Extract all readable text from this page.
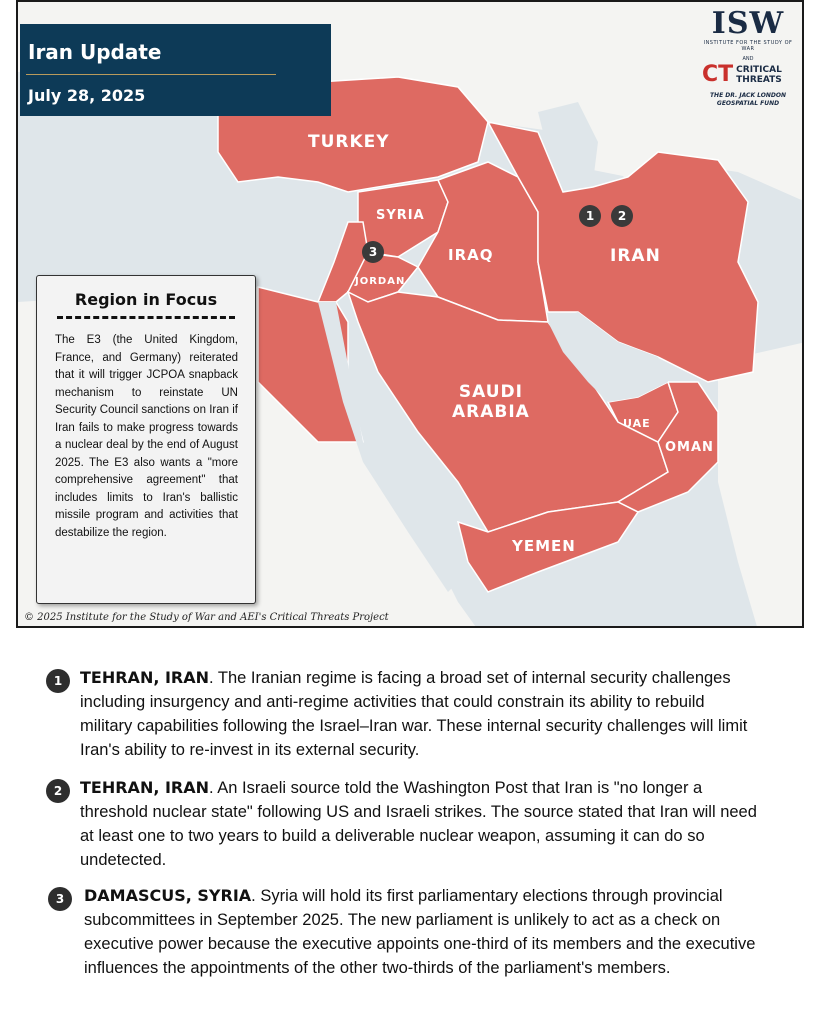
Iran Update
July 28, 2025
ISW
INSTITUTE FOR THE STUDY OF WAR
AND
CT CRITICAL THREATS
THE DR. JACK LONDON GEOSPATIAL FUND
TURKEY
SYRIA
IRAQ	IRAN
JORDAN
SAUDI
ARABIA
UAE
OMAN
YEMEN
1	2
3
Region in Focus
The E3 (the United Kingdom, France, and Germany) reiterated that it will trigger JCPOA snapback mechanism to reinstate UN Security Council sanctions on Iran if Iran fails to make progress towards a nuclear deal by the end of August 2025. The E3 also wants a "more comprehensive agreement" that includes limits to Iran's ballistic missile program and activities that destabilize the region.
© 2025 Institute for the Study of War and AEI's Critical Threats Project
1	TEHRAN, IRAN. The Iranian regime is facing a broad set of internal security challenges including insurgency and anti-regime activities that could constrain its ability to rebuild military capabilities following the Israel–Iran war. These internal security challenges will limit Iran's ability to re-invest in its external security.
2	TEHRAN, IRAN. An Israeli source told the Washington Post that Iran is "no longer a threshold nuclear state" following US and Israeli strikes. The source stated that Iran will need at least one to two years to build a deliverable nuclear weapon, assuming it can do so undetected.
3	DAMASCUS, SYRIA. Syria will hold its first parliamentary elections through provincial subcommittees in September 2025. The new parliament is unlikely to act as a check on executive power because the executive appoints one-third of its members and the executive influences the appointments of the other two-thirds of the parliament's members.
